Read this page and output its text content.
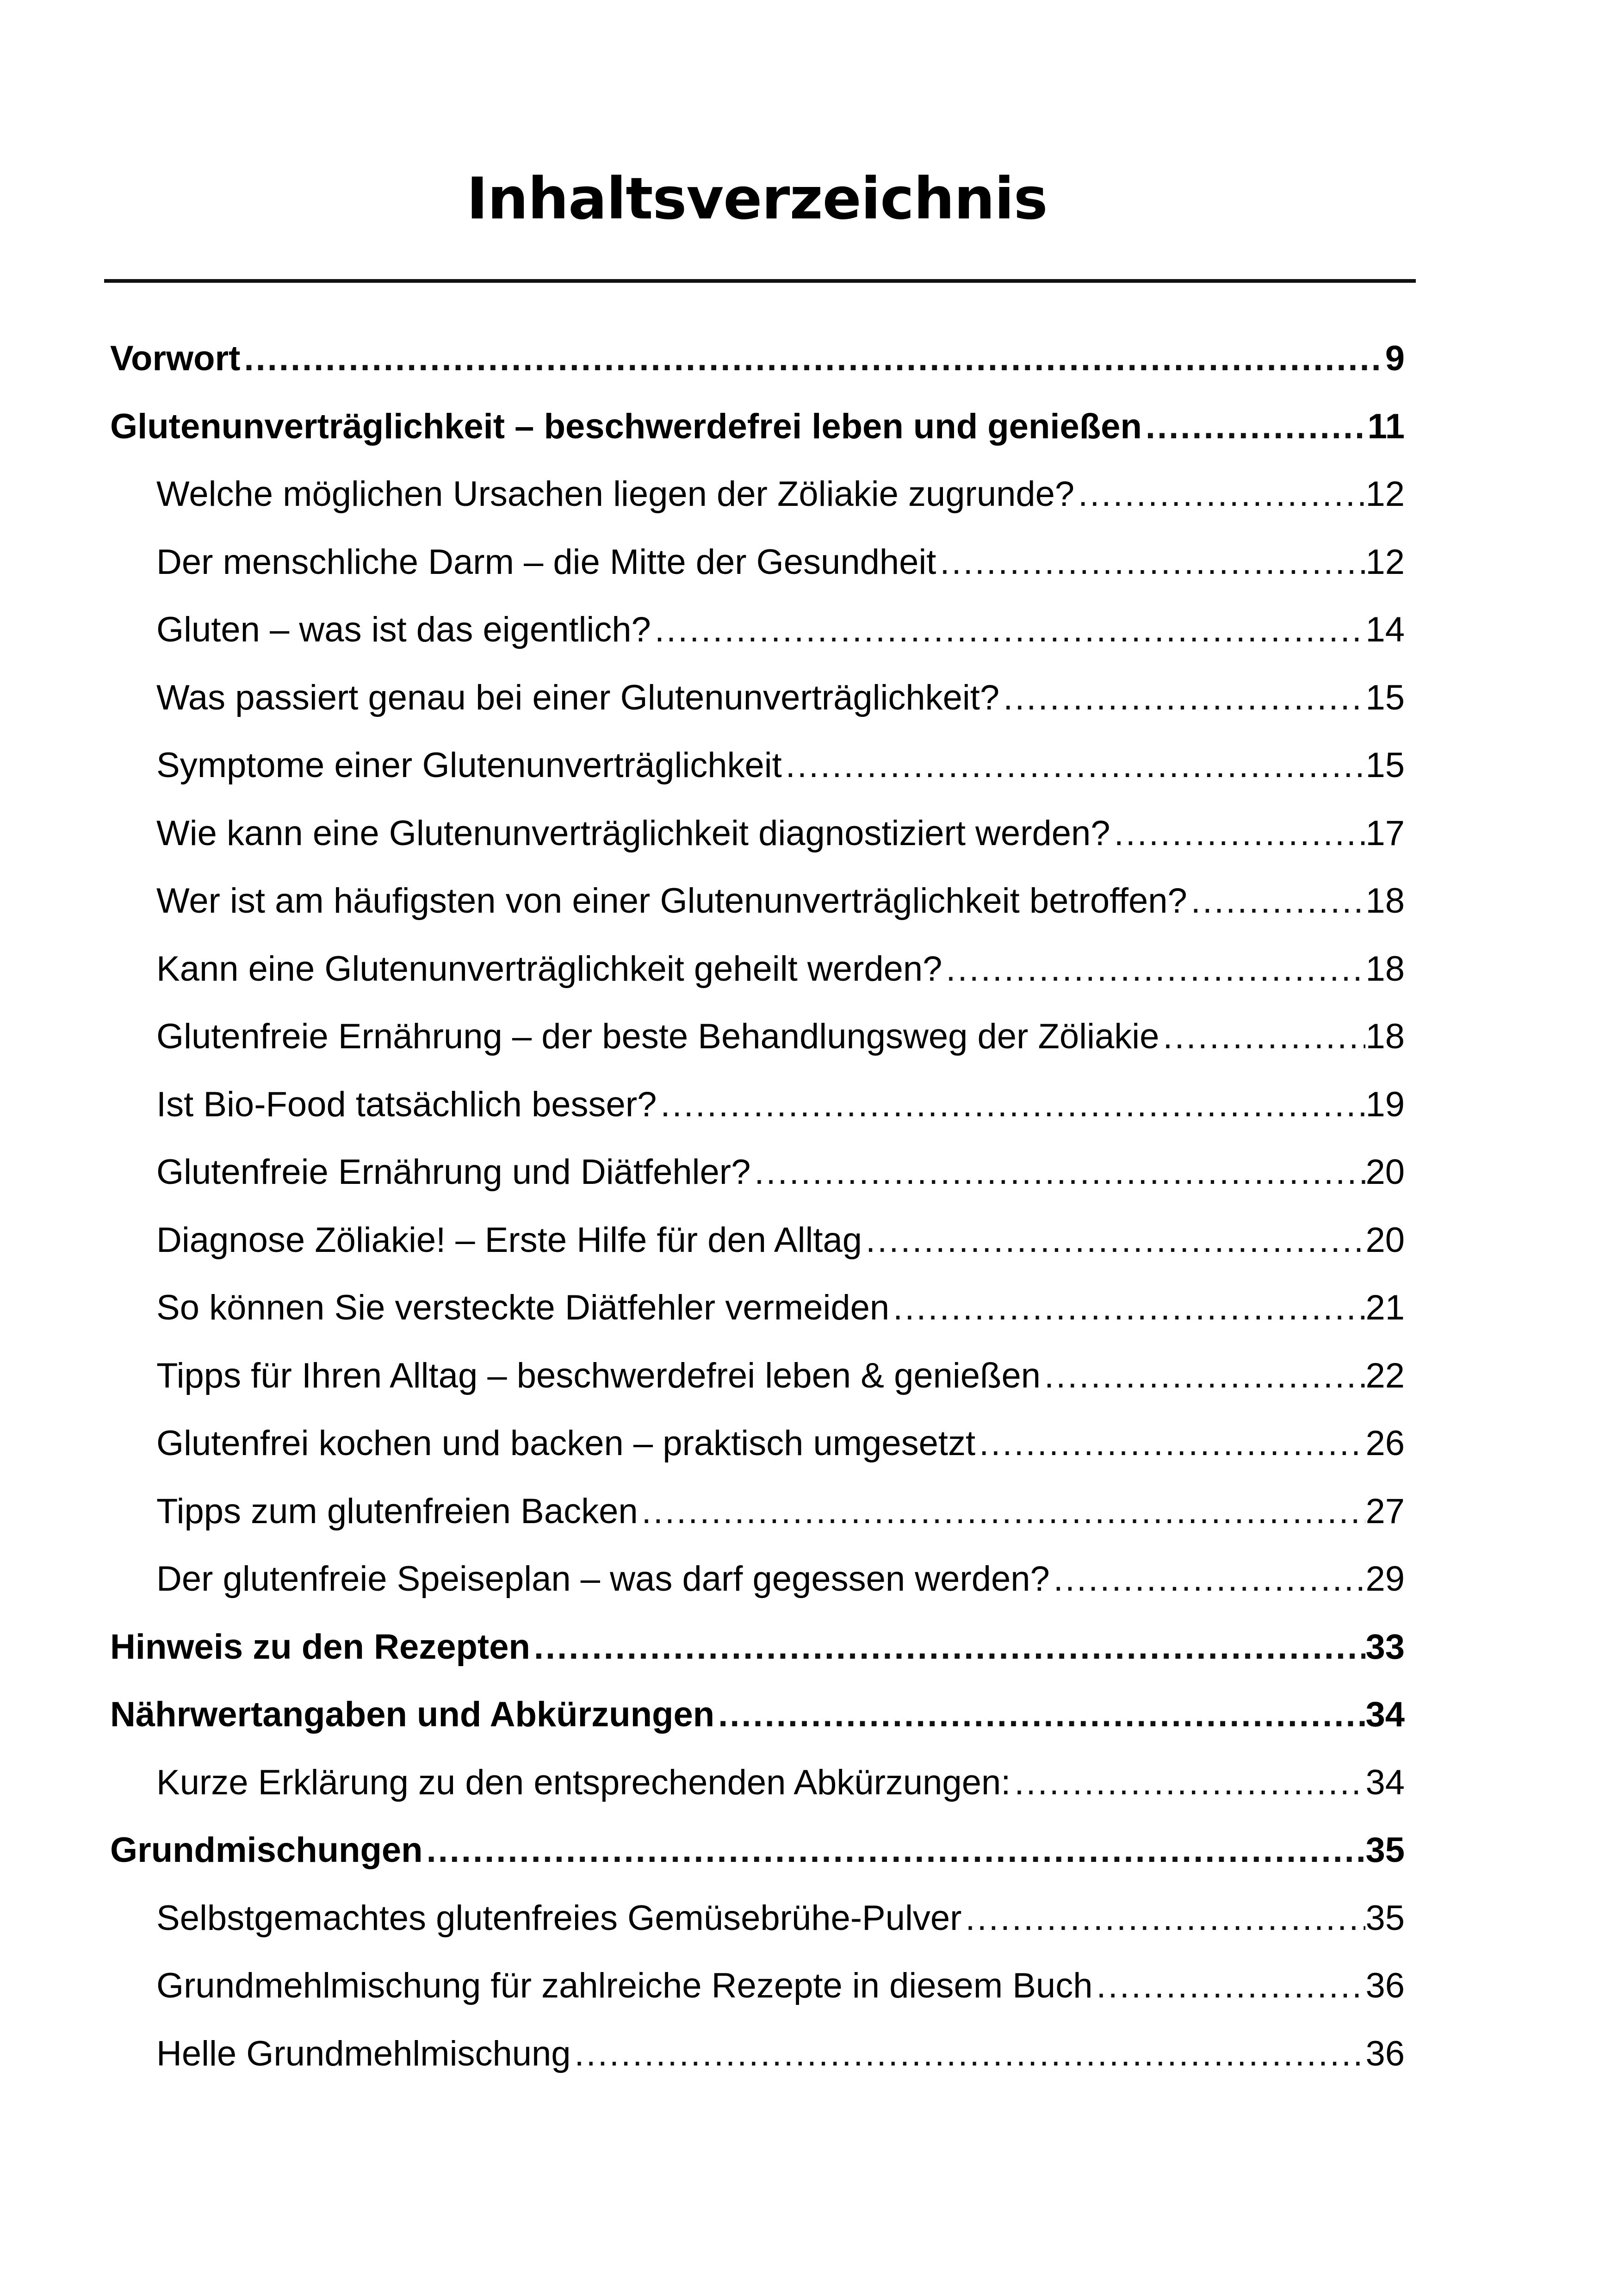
Inhaltsverzeichnis
Vorwort .....	9
Glutenunverträglichkeit – beschwerdefrei leben und genießen .....	11
Welche möglichen Ursachen liegen der Zöliakie zugrunde? .....	12
Der menschliche Darm – die Mitte der Gesundheit .....	12
Gluten – was ist das eigentlich? .....	14
Was passiert genau bei einer Glutenunverträglichkeit? .....	15
Symptome einer Glutenunverträglichkeit .....	15
Wie kann eine Glutenunverträglichkeit diagnostiziert werden? .....	17
Wer ist am häufigsten von einer Glutenunverträglichkeit betroffen? .....	18
Kann eine Glutenunverträglichkeit geheilt werden? .....	18
Glutenfreie Ernährung – der beste Behandlungsweg der Zöliakie .....	18
Ist Bio-Food tatsächlich besser? .....	19
Glutenfreie Ernährung und Diätfehler? .....	20
Diagnose Zöliakie! – Erste Hilfe für den Alltag .....	20
So können Sie versteckte Diätfehler vermeiden .....	21
Tipps für Ihren Alltag – beschwerdefrei leben & genießen .....	22
Glutenfrei kochen und backen – praktisch umgesetzt .....	26
Tipps zum glutenfreien Backen .....	27
Der glutenfreie Speiseplan – was darf gegessen werden? .....	29
Hinweis zu den Rezepten .....	33
Nährwertangaben und Abkürzungen .....	34
Kurze Erklärung zu den entsprechenden Abkürzungen: .....	34
Grundmischungen .....	35
Selbstgemachtes glutenfreies Gemüsebrühe-Pulver .....	35
Grundmehlmischung für zahlreiche Rezepte in diesem Buch .....	36
Helle Grundmehlmischung .....	36
